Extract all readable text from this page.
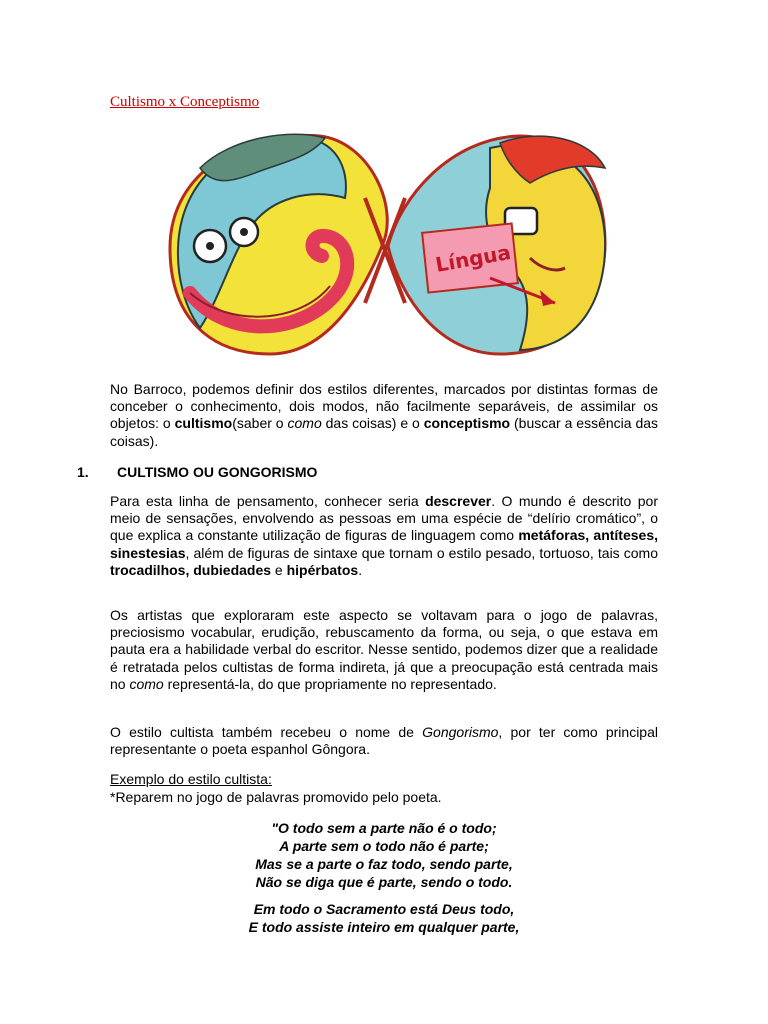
Cultismo x Conceptismo
Língua
No Barroco, podemos definir dos estilos diferentes, marcados por distintas formas de conceber o conhecimento, dois modos, não facilmente separáveis, de assimilar os objetos: o cultismo(saber o como das coisas) e o conceptismo (buscar a essência das coisas).
1. CULTISMO OU GONGORISMO
Para esta linha de pensamento, conhecer seria descrever. O mundo é descrito por meio de sensações, envolvendo as pessoas em uma espécie de “delírio cromático”, o que explica a constante utilização de figuras de linguagem como metáforas, antíteses, sinestesias, além de figuras de sintaxe que tornam o estilo pesado, tortuoso, tais como trocadilhos, dubiedades e hipérbatos.
Os artistas que exploraram este aspecto se voltavam para o jogo de palavras, preciosismo vocabular, erudição, rebuscamento da forma, ou seja, o que estava em pauta era a habilidade verbal do escritor. Nesse sentido, podemos dizer que a realidade é retratada pelos cultistas de forma indireta, já que a preocupação está centrada mais no como representá-la, do que propriamente no representado.
O estilo cultista também recebeu o nome de Gongorismo, por ter como principal representante o poeta espanhol Gôngora.
Exemplo do estilo cultista:
*Reparem no jogo de palavras promovido pelo poeta.
"O todo sem a parte não é o todo;
A parte sem o todo não é parte;
Mas se a parte o faz todo, sendo parte,
Não se diga que é parte, sendo o todo.
Em todo o Sacramento está Deus todo,
E todo assiste inteiro em qualquer parte,
